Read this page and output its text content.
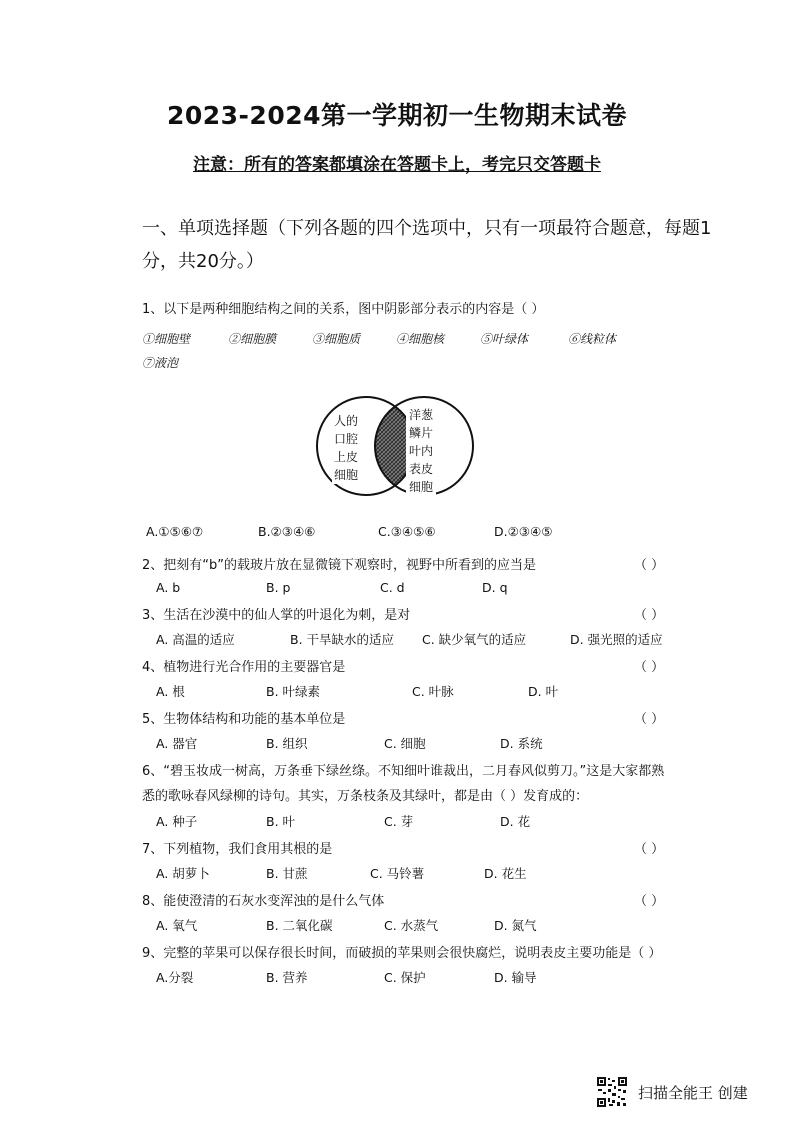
2023-2024第一学期初一生物期末试卷
注意：所有的答案都填涂在答题卡上，考完只交答题卡
一、单项选择题（下列各题的四个选项中，只有一项最符合题意，每题1分，共20分。）
1、以下是两种细胞结构之间的关系，图中阴影部分表示的内容是（ ）
①细胞壁	②细胞膜	③细胞质	④细胞核	⑤叶绿体	⑥线粒体
⑦液泡
人的口腔上皮细胞
洋葱鳞片叶内表皮细胞
A.①⑤⑥⑦	B.②③④⑥	C.③④⑤⑥	D.②③④⑤
2、把刻有“b”的载玻片放在显微镜下观察时，视野中所看到的应当是	（ ）
A. b	B. p	C. d	D. q
3、生活在沙漠中的仙人掌的叶退化为刺，是对	（ ）
A. 高温的适应	B. 干旱缺水的适应 C. 缺少氧气的适应	D. 强光照的适应
4、植物进行光合作用的主要器官是	（ ）
A. 根	B. 叶绿素	C. 叶脉	D. 叶
5、生物体结构和功能的基本单位是	（ ）
A. 器官	B. 组织	C. 细胞	D. 系统
6、“碧玉妆成一树高，万条垂下绿丝绦。不知细叶谁裁出，二月春风似剪刀。”这是大家都熟
悉的歌咏春风绿柳的诗句。其实，万条枝条及其绿叶，都是由（ ）发育成的：
A. 种子	B. 叶	C. 芽	D. 花
7、下列植物，我们食用其根的是	（ ）
A. 胡萝卜	B. 甘蔗	C. 马铃薯	D. 花生
8、能使澄清的石灰水变浑浊的是什么气体	（ ）
A. 氧气	B. 二氧化碳	C. 水蒸气	D. 氮气
9、完整的苹果可以保存很长时间，而破损的苹果则会很快腐烂，说明表皮主要功能是（ ）
A.分裂	B. 营养	C. 保护	D. 输导
扫描全能王 创建
